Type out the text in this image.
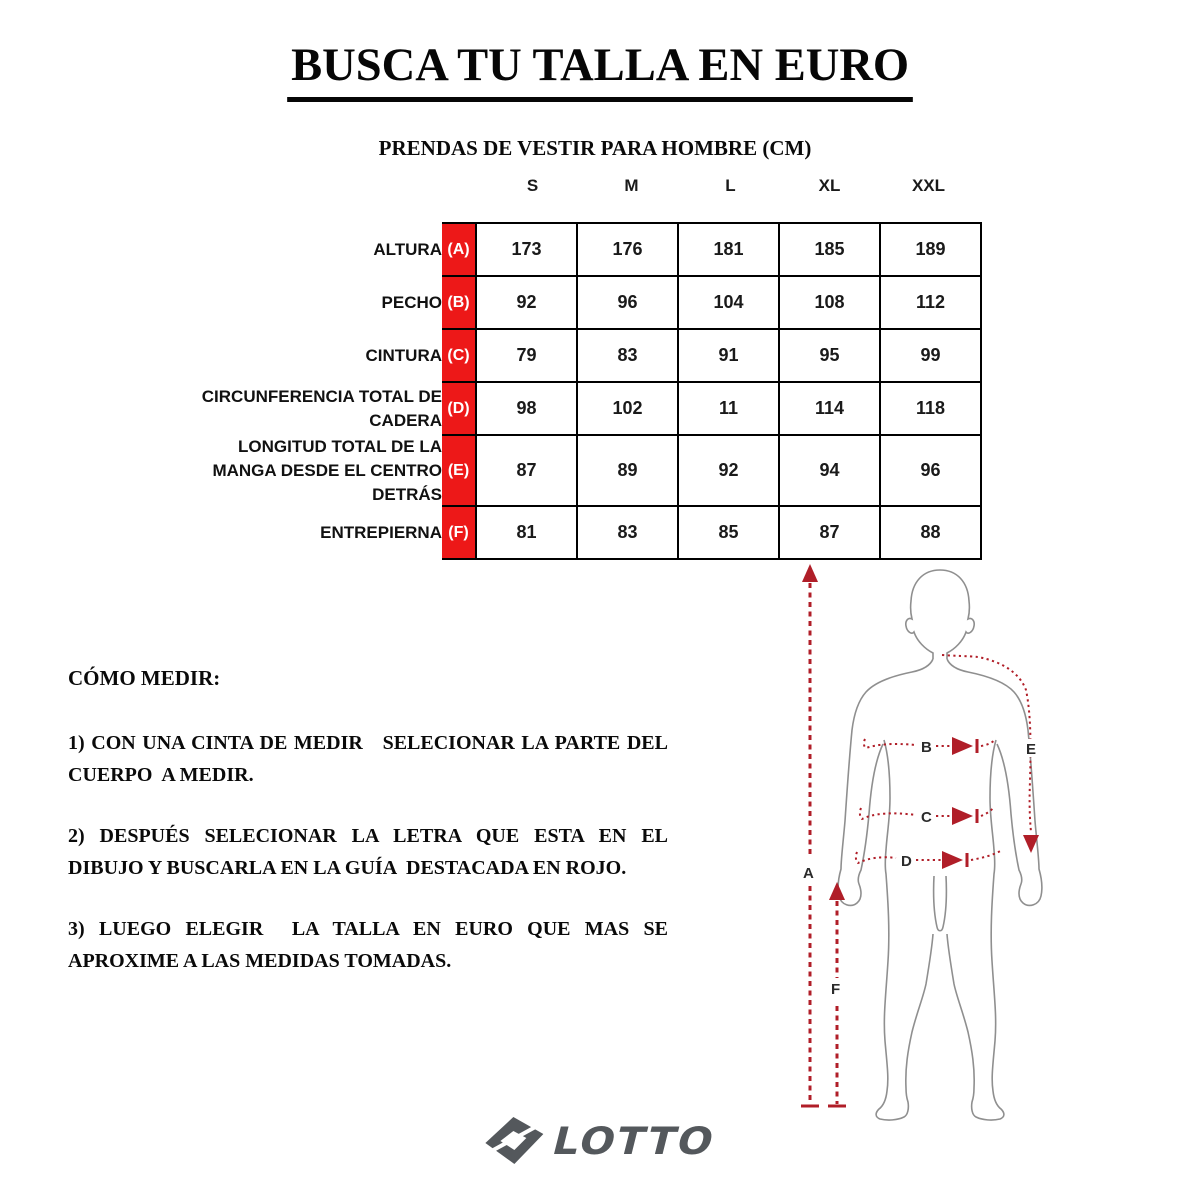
BUSCA TU TALLA EN EURO
PRENDAS DE VESTIR PARA HOMBRE (CM)
S	M	L	XL	XXL
ALTURA	(A)	173	176	181	185	189
PECHO	(B)	92	96	104	108	112
CINTURA	(C)	79	83	91	95	99
CIRCUNFERENCIA TOTAL DE CADERA	(D)	98	102	11	114	118
LONGITUD TOTAL DE LA MANGA DESDE EL CENTRO DETRÁS	(E)	87	89	92	94	96
ENTREPIERNA	(F)	81	83	85	87	88
CÓMO MEDIR:

1) CON UNA CINTA DE MEDIR   SELECIONAR LA PARTE DEL CUERPO  A MEDIR.

2) DESPUÉS SELECIONAR LA LETRA QUE ESTA EN EL DIBUJO Y BUSCARLA EN LA GUÍA  DESTACADA EN ROJO.

3) LUEGO ELEGIR  LA TALLA EN EURO QUE MAS SE APROXIME A LAS MEDIDAS TOMADAS.

A
F
B
C
D
E
LOTTO
